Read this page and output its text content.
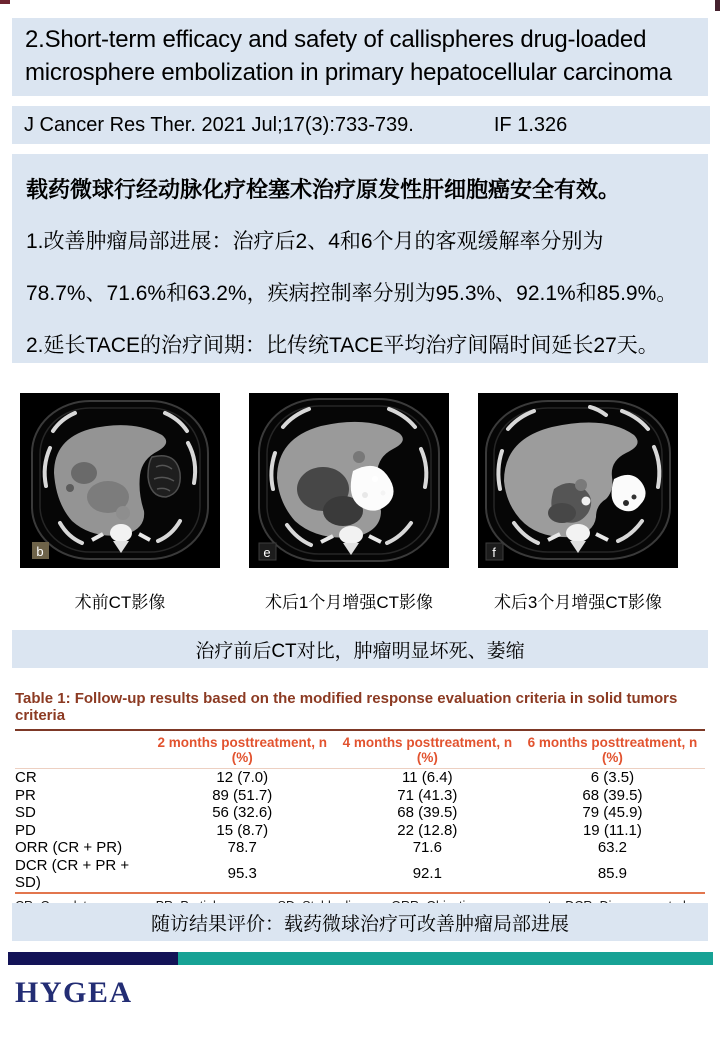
2.Short-term efficacy and safety of callispheres drug-loaded microsphere embolization in primary hepatocellular carcinoma
J Cancer Res Ther. 2021 Jul;17(3):733-739.	IF 1.326
载药微球行经动脉化疗栓塞术治疗原发性肝细胞癌安全有效。
1.改善肿瘤局部进展：治疗后2、4和6个月的客观缓解率分别为
78.7%、71.6%和63.2%，疾病控制率分别为95.3%、92.1%和85.9%。
2.延长TACE的治疗间期：比传统TACE平均治疗间隔时间延长27天。
b
术前CT影像
e
术后1个月增强CT影像
f
术后3个月增强CT影像
治疗前后CT对比，肿瘤明显坏死、萎缩
Table 1: Follow-up results based on the modified response evaluation criteria in solid tumors criteria
	2 months posttreatment, n (%)	4 months posttreatment, n (%)	6 months posttreatment, n (%)
CR	12 (7.0)	11 (6.4)	6 (3.5)
PR	89 (51.7)	71 (41.3)	68 (39.5)
SD	56 (32.6)	68 (39.5)	79 (45.9)
PD	15 (8.7)	22 (12.8)	19 (11.1)
ORR (CR + PR)	78.7	71.6	63.2
DCR (CR + PR + SD)	95.3	92.1	85.9
随访结果评价：载药微球治疗可改善肿瘤局部进展
HYGEA
